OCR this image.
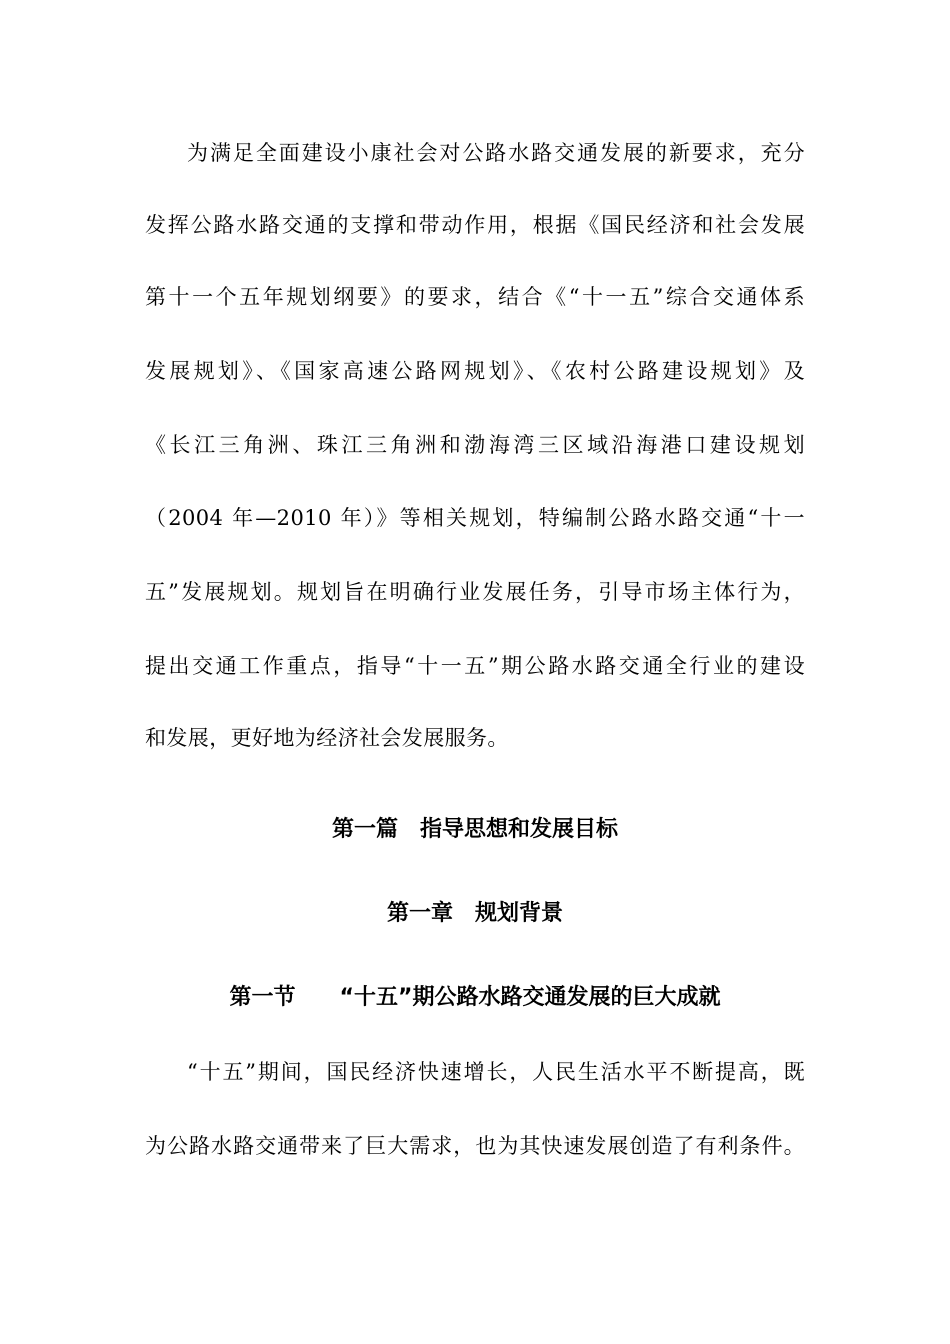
为满足全面建设小康社会对公路水路交通发展的新要求，充分
发挥公路水路交通的支撑和带动作用，根据《国民经济和社会发展
第十一个五年规划纲要》的要求，结合《“十一五”综合交通体系
发展规划》、《国家高速公路网规划》、《农村公路建设规划》及
《长江三角洲、珠江三角洲和渤海湾三区域沿海港口建设规划
（2004 年—2010 年）》等相关规划，特编制公路水路交通“十一
五”发展规划。规划旨在明确行业发展任务，引导市场主体行为，
提出交通工作重点，指导“十一五”期公路水路交通全行业的建设
和发展，更好地为经济社会发展服务。
第一篇　指导思想和发展目标
第一章　规划背景
第一节　　“十五”期公路水路交通发展的巨大成就
“十五”期间，国民经济快速增长，人民生活水平不断提高，既
为公路水路交通带来了巨大需求，也为其快速发展创造了有利条件。
